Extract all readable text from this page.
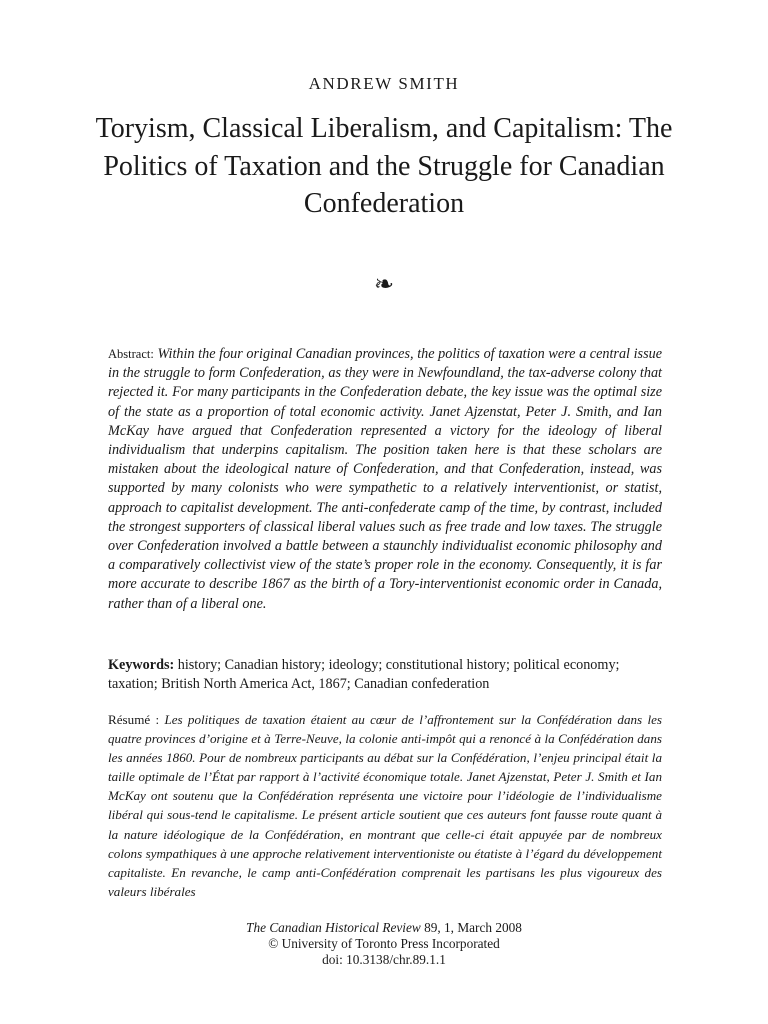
ANDREW SMITH
Toryism, Classical Liberalism, and Capitalism: The Politics of Taxation and the Struggle for Canadian Confederation
❧

Abstract: Within the four original Canadian provinces, the politics of taxation were a central issue in the struggle to form Confederation, as they were in Newfoundland, the tax-adverse colony that rejected it. For many participants in the Confederation debate, the key issue was the optimal size of the state as a proportion of total economic activity. Janet Ajzenstat, Peter J. Smith, and Ian McKay have argued that Confederation represented a victory for the ideology of liberal individualism that underpins capitalism. The position taken here is that these scholars are mistaken about the ideological nature of Confederation, and that Confederation, instead, was supported by many colonists who were sympathetic to a relatively interventionist, or statist, approach to capitalist development. The anti-confederate camp of the time, by contrast, included the strongest supporters of classical liberal values such as free trade and low taxes. The struggle over Confederation involved a battle between a staunchly individualist economic philosophy and a comparatively collectivist view of the state’s proper role in the economy. Consequently, it is far more accurate to describe 1867 as the birth of a Tory-interventionist economic order in Canada, rather than of a liberal one.

Keywords: history; Canadian history; ideology; constitutional history; political economy; taxation; British North America Act, 1867; Canadian confederation

Résumé : Les politiques de taxation étaient au cœur de l’affrontement sur la Confédération dans les quatre provinces d’origine et à Terre-Neuve, la colonie anti-impôt qui a renoncé à la Confédération dans les années 1860. Pour de nombreux participants au débat sur la Confédération, l’enjeu principal était la taille optimale de l’État par rapport à l’activité économique totale. Janet Ajzenstat, Peter J. Smith et Ian McKay ont soutenu que la Confédération représenta une victoire pour l’idéologie de l’individualisme libéral qui sous-tend le capitalisme. Le présent article soutient que ces auteurs font fausse route quant à la nature idéologique de la Confédération, en montrant que celle-ci était appuyée par de nombreux colons sympathiques à une approche relativement interventioniste ou étatiste à l’égard du développement capitaliste. En revanche, le camp anti-Confédération comprenait les partisans les plus vigoureux des valeurs libérales

The Canadian Historical Review 89, 1, March 2008
© University of Toronto Press Incorporated
doi: 10.3138/chr.89.1.1
